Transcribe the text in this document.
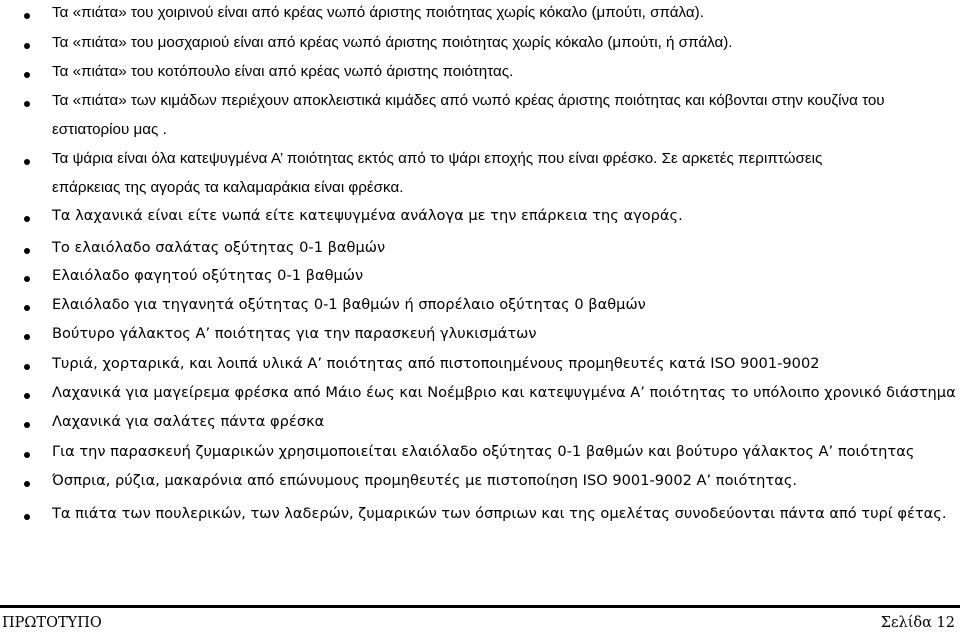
Τα «πιάτα» του χοιρινού είναι από κρέας νωπό άριστης ποιότητας χωρίς κόκαλο (μπούτι, σπάλα).
Τα «πιάτα» του μοσχαριού είναι από κρέας νωπό άριστης ποιότητας χωρίς κόκαλο (μπούτι, ή σπάλα).
Τα «πιάτα» του κοτόπουλο είναι από κρέας νωπό άριστης ποιότητας.
Τα «πιάτα» των κιμάδων περιέχουν αποκλειστικά κιμάδες από νωπό κρέας άριστης ποιότητας και κόβονται στην κουζίνα του
εστιατορίου μας .
Τα ψάρια είναι όλα κατεψυγμένα Α’ ποιότητας εκτός από το ψάρι εποχής που είναι φρέσκο. Σε αρκετές περιπτώσεις
επάρκειας της αγοράς τα καλαμαράκια είναι φρέσκα.
Τα λαχανικά είναι είτε νωπά είτε κατεψυγμένα ανάλογα με την επάρκεια της αγοράς.
Το ελαιόλαδο σαλάτας οξύτητας 0-1 βαθμών
Ελαιόλαδο φαγητού οξύτητας 0-1 βαθμών
Ελαιόλαδο για τηγανητά οξύτητας 0-1 βαθμών ή σπορέλαιο οξύτητας 0 βαθμών
Βούτυρο γάλακτος Α’ ποιότητας για την παρασκευή γλυκισμάτων
Τυριά, χορταρικά, και λοιπά υλικά Α’ ποιότητας από πιστοποιημένους προμηθευτές κατά ISO 9001-9002
Λαχανικά για μαγείρεμα φρέσκα από Μάιο έως και Νοέμβριο και κατεψυγμένα Α’ ποιότητας το υπόλοιπο χρονικό διάστημα
Λαχανικά για σαλάτες πάντα φρέσκα
Για την παρασκευή ζυμαρικών χρησιμοποιείται ελαιόλαδο οξύτητας 0-1 βαθμών και βούτυρο γάλακτος Α’ ποιότητας
Όσπρια, ρύζια, μακαρόνια από επώνυμους προμηθευτές με πιστοποίηση ISO 9001-9002 Α’ ποιότητας.
Τα πιάτα των πουλερικών, των λαδερών, ζυμαρικών των όσπριων και της ομελέτας συνοδεύονται πάντα από τυρί φέτας.
ΠΡΩΤΟΤΥΠΟ	Σελίδα 12
